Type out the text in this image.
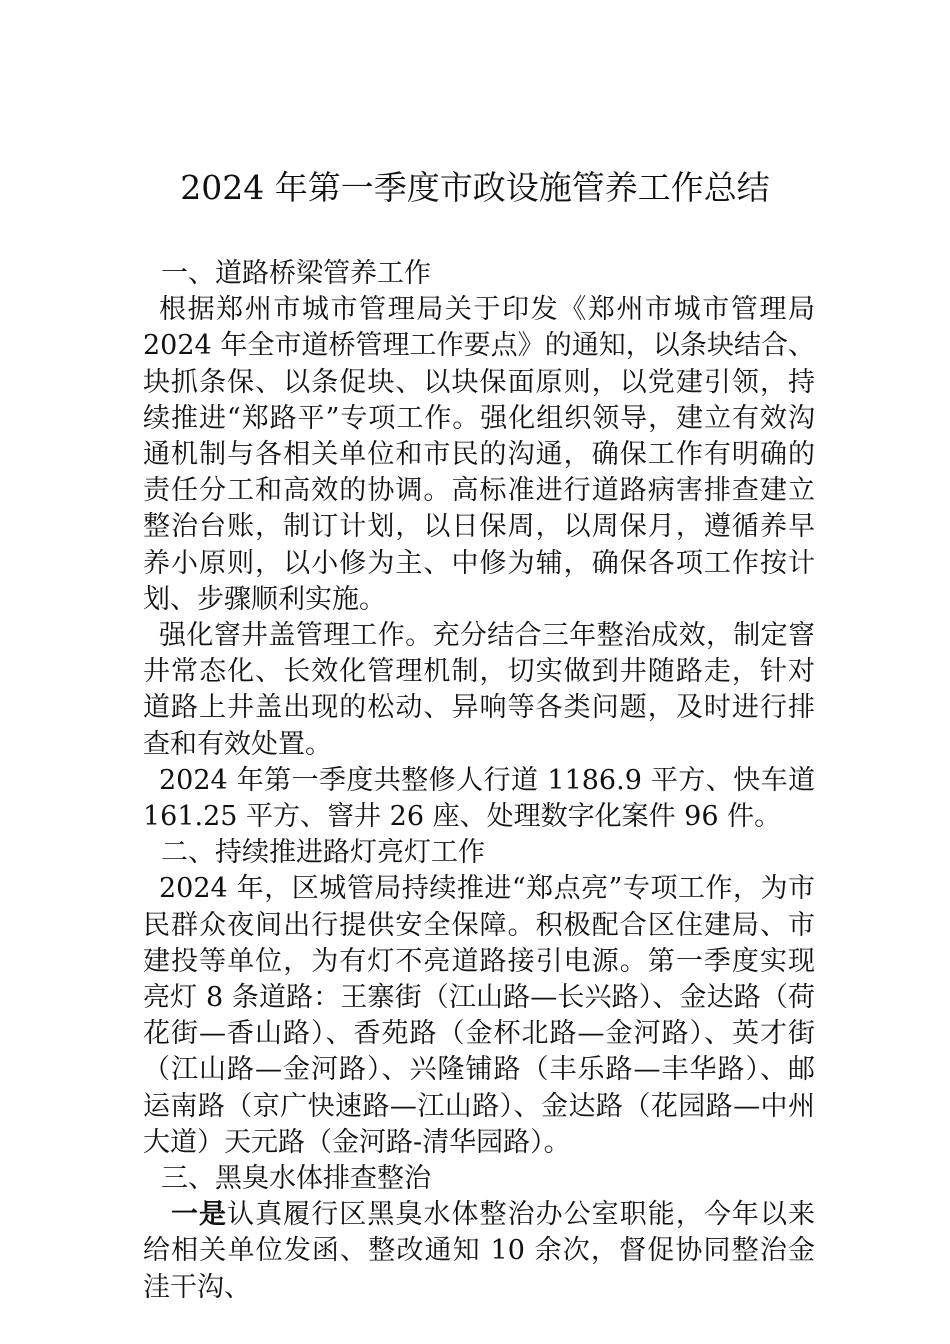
2024 年第一季度市政设施管养工作总结

一、道路桥梁管养工作

根据郑州市城市管理局关于印发《郑州市城市管理局 2024 年全市道桥管理工作要点》的通知，以条块结合、块抓条保、以条促块、以块保面原则，以党建引领，持续推进“郑路平”专项工作。强化组织领导，建立有效沟通机制与各相关单位和市民的沟通，确保工作有明确的责任分工和高效的协调。高标准进行道路病害排查建立整治台账，制订计划，以日保周，以周保月，遵循养早养小原则，以小修为主、中修为辅，确保各项工作按计划、步骤顺利实施。

强化窨井盖管理工作。充分结合三年整治成效，制定窨井常态化、长效化管理机制，切实做到井随路走，针对道路上井盖出现的松动、异响等各类问题，及时进行排查和有效处置。

2024 年第一季度共整修人行道 1186.9 平方、快车道 161.25 平方、窨井 26 座、处理数字化案件 96 件。

二、持续推进路灯亮灯工作

2024 年，区城管局持续推进“郑点亮”专项工作，为市民群众夜间出行提供安全保障。积极配合区住建局、市建投等单位，为有灯不亮道路接引电源。第一季度实现亮灯 8 条道路：王寨街（江山路—长兴路）、金达路（荷花街—香山路）、香苑路（金杯北路—金河路）、英才街（江山路—金河路）、兴隆铺路（丰乐路—丰华路）、邮运南路（京广快速路—江山路）、金达路（花园路—中州大道）天元路（金河路-清华园路）。

三、黑臭水体排查整治

一是认真履行区黑臭水体整治办公室职能，今年以来给相关单位发函、整改通知 10 余次，督促协同整治金洼干沟、
